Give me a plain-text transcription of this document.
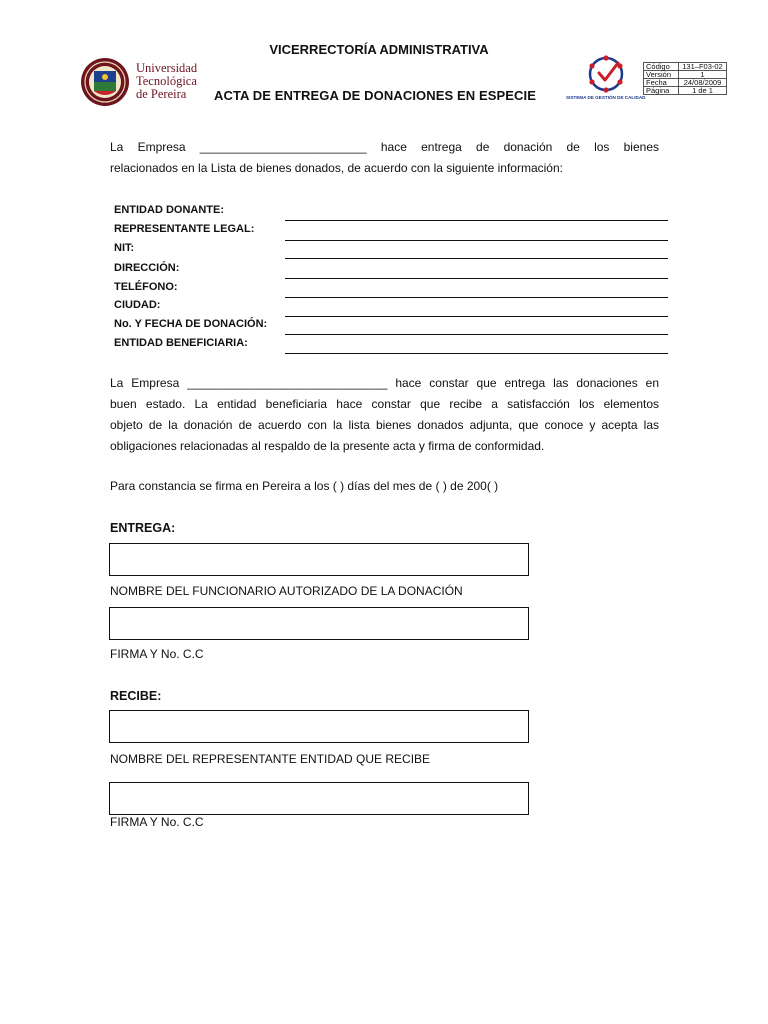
VICERRECTORÍA ADMINISTRATIVA
ACTA DE ENTREGA DE DONACIONES EN ESPECIE
Universidad
Tecnológica
de Pereira	SISTEMA DE GESTIÓN DE CALIDAD
Código	131–F03-02
Versión	1
Fecha	24/08/2009
Página	1 de 1
La Empresa _________________________ hace entrega de donación de los bienes
relacionados en la Lista de bienes donados, de acuerdo con la siguiente información:
ENTIDAD DONANTE:
REPRESENTANTE LEGAL:
NIT:
DIRECCIÓN:
TELÉFONO:
CIUDAD:
No. Y FECHA DE DONACIÓN:
ENTIDAD BENEFICIARIA:
La Empresa ______________________________ hace constar que entrega las donaciones en
buen estado. La entidad beneficiaria hace constar que recibe a satisfacción los elementos
objeto de la donación de acuerdo con la lista bienes donados adjunta, que conoce y acepta las
obligaciones relacionadas al respaldo de la presente acta y firma de conformidad.
Para constancia se firma en Pereira a los ( ) días del mes de ( ) de 200( )
ENTREGA:
NOMBRE DEL FUNCIONARIO AUTORIZADO DE LA DONACIÓN
FIRMA Y No. C.C
RECIBE:
NOMBRE DEL REPRESENTANTE ENTIDAD QUE RECIBE
FIRMA Y No. C.C
